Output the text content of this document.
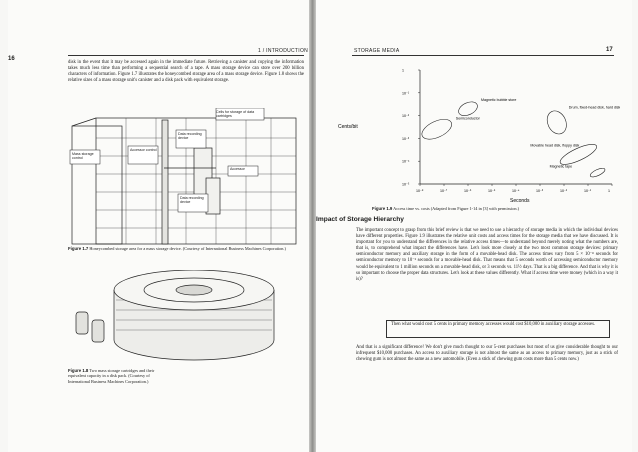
16
1 / INTRODUCTION

disk in the event that it may be accessed again in the immediate future. Retrieving a canister and copying the information takes much less time than performing a sequential search of a tape. A mass storage device can store over 200 billion characters of information. Figure 1.7 illustrates the honeycombed storage area of a mass storage device. Figure 1.8 shows the relative sizes of a mass storage unit's canister and a disk pack with equivalent storage.

Cells for storage of data cartridges
Mass storage control
Accessor control
Data recording device
Accessor
Data recording device

Figure 1.7 Honeycombed storage area for a mass storage device. (Courtesy of International Business Machines Corporation.)

Figure 1.8 Two mass storage cartridges and their equivalent capacity in a disk pack. (Courtesy of International Business Machines Corporation.)

STORAGE MEDIA	17
10⁻⁸	10⁻⁷	10⁻⁶	10⁻⁵	10⁻⁴	10⁻³	10⁻²	10⁻¹	1
1
10⁻¹
10⁻²
10⁻³
10⁻⁴
10⁻⁵
Magnetic bubble store
Semiconductor
Drum, fixed-head disk, hard disk
Movable head disk, floppy disk
Magnetic tape
Cents/bit
Seconds

Figure 1.9 Access time vs. costs (Adapted from Figure 1-14 in [3] with permission.)

Impact of Storage Hierarchy

The important concept to grasp from this brief review is that we need to use a hierarchy of storage media in which the individual devices have different properties. Figure 1.9 illustrates the relative unit costs and access times for the storage media that we have discussed. It is important for you to understand the differences in the relative access times—to understand beyond merely noting what the numbers are, that is, to comprehend what impact the differences have. Let's look more closely at the two most common storage devices: primary semiconductor memory and auxiliary storage in the form of a movable-head disk. The access times vary from 5 × 10⁻⁸ seconds for semiconductor memory to 10⁻² seconds for a movable-head disk. That means that 5 seconds worth of accessing semiconductor memory would be equivalent to 1 million seconds on a movable-head disk, or 3 seconds vs. 11½ days. That is a big difference. And that is why it is so important to choose the proper data structures. Let's look at these values differently. What if access time were money (which in a way it is)?

Then what would cost 5 cents in primary memory accesses would cost $10,000 in auxiliary storage accesses.

And that is a significant difference! We don't give much thought to our 5-cent purchases but most of us give considerable thought to our infrequent $10,000 purchases. An access to auxiliary storage is not almost the same as an access to primary memory, just as a stick of chewing gum is not almost the same as a new automobile. (Even a stick of chewing gum costs more than 5 cents now.)
